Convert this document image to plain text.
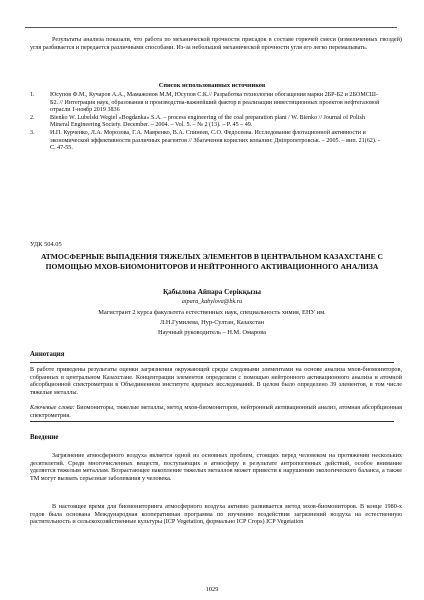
Результаты анализа показали, что работа по механической прочности присадок в составе горючей смеси (измельченных гвоздей) угля разбивается и передается различными способами. Из-за небольшой механической прочности угля его легко перемалывать.

Список использованных источников
1.	Юсупов Ф.М., Кучаров А.А., Мамажонов М.М, Юсупов С.К.// Разработка технологии обогащения марки 2БР-Б2 и 2БОМСШ-Б2. // Интеграция наук, образования и производства-важнейший фактор в реализации инвестиционных проектов нефтегазовой отрасли 1-ноябр 2019 3836
2.	Bienko W. Lubelski Wegiel «Bogdanka» S.A. – process engineering of the coal preparation plant / W. Bienko // Journal of Polish Mineral Engineering Society. December. – 2004. – Vol. 5. – № 2 (13). – P. 45 – 49.
3.	И.П. Курченко, Л.А. Морозова, Г.А. Мавренко, В.А. Спинеев, С.О. Федосеева. Исследование флотационной активности и экономической эффективности различных реагентов // Збагачення корисних копалин: Днiпропетровськ. – 2005. – вип. 21(62). - С. 47-55.
УДК 504.05
АТМОСФЕРНЫЕ ВЫПАДЕНИЯ ТЯЖЕЛЫХ ЭЛЕМЕНТОВ В ЦЕНТРАЛЬНОМ КАЗАХСТАНЕ С ПОМОЩЬЮ МХОВ-БИОМОНИТОРОВ И НЕЙТРОННОГО АКТИВАЦИОННОГО АНАЛИЗА
Қабылова Айпара Серікқызы
aipara_kabylova@bk.ru
Магистрант 2 курса факультета естественных наук, специальность химия, ЕНУ им.
Л.Н.Гумилева, Нур-Султан, Казахстан
Научный руководитель – Н.М. Омарова
Аннотация

В работе приведены результаты оценки загрязнения окружающей среды следовыми элементами на основе анализа мхов-биомониторов, собранных в центральном Казахстане. Концентрации элементов определяли с помощью нейтронного активационного анализа и атомной абсорбционной спектрометрии в Объединенном институте ядерных исследований. В целом было определено 39 элементов, в том числе тяжелые металлы.

Ключевые слова: Биомониторы, тяжелые металлы, метод мхов-биомониторов, нейтронный активационный анализ, атомная абсорбционная спектрометрия.

Введение

Загрязнение атмосферного воздуха является одной из основных проблем, стоящих перед человеком на протяжении нескольких десятилетий. Среди многочисленных веществ, поступающих в атмосферу в результате антропогенных действий, особое внимание уделяется тяжелым металлам. Возрастающее накопление тяжелых металлов может привести к нарушению экологического баланса, а также ТМ могут вызвать серьезные заболевания у человека.

В настоящее время для биомониторинга атмосферного воздуха активно развивается метод мхов-биомониторов. В конце 1980-х годов была основана Международная кооперативная программа по изучению воздействия загрязнений воздуха на естественную растительность и сельскохозяйственные культуры (ICP Vegetation, формально ICP Crops) ICP Vegetation

1029
